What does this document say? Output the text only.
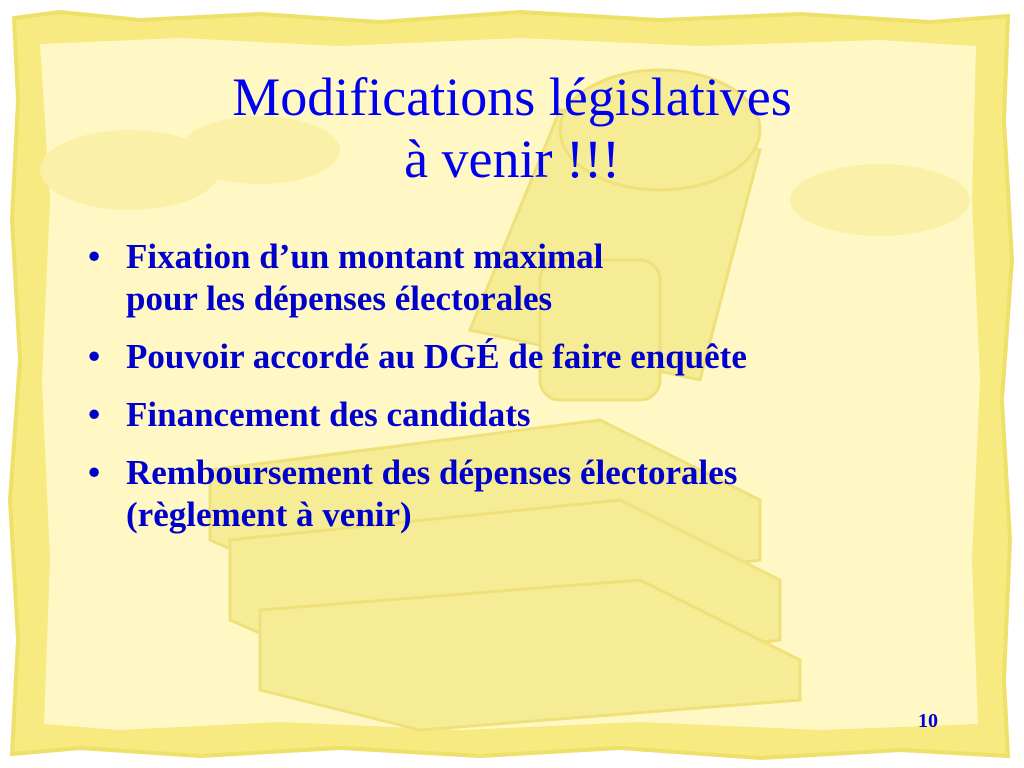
Modifications législatives
à venir !!!
• Fixation d’un montant maximal
pour les dépenses électorales
• Pouvoir accordé au DGÉ de faire enquête
• Financement des candidats
• Remboursement des dépenses électorales
(règlement à venir)
10
